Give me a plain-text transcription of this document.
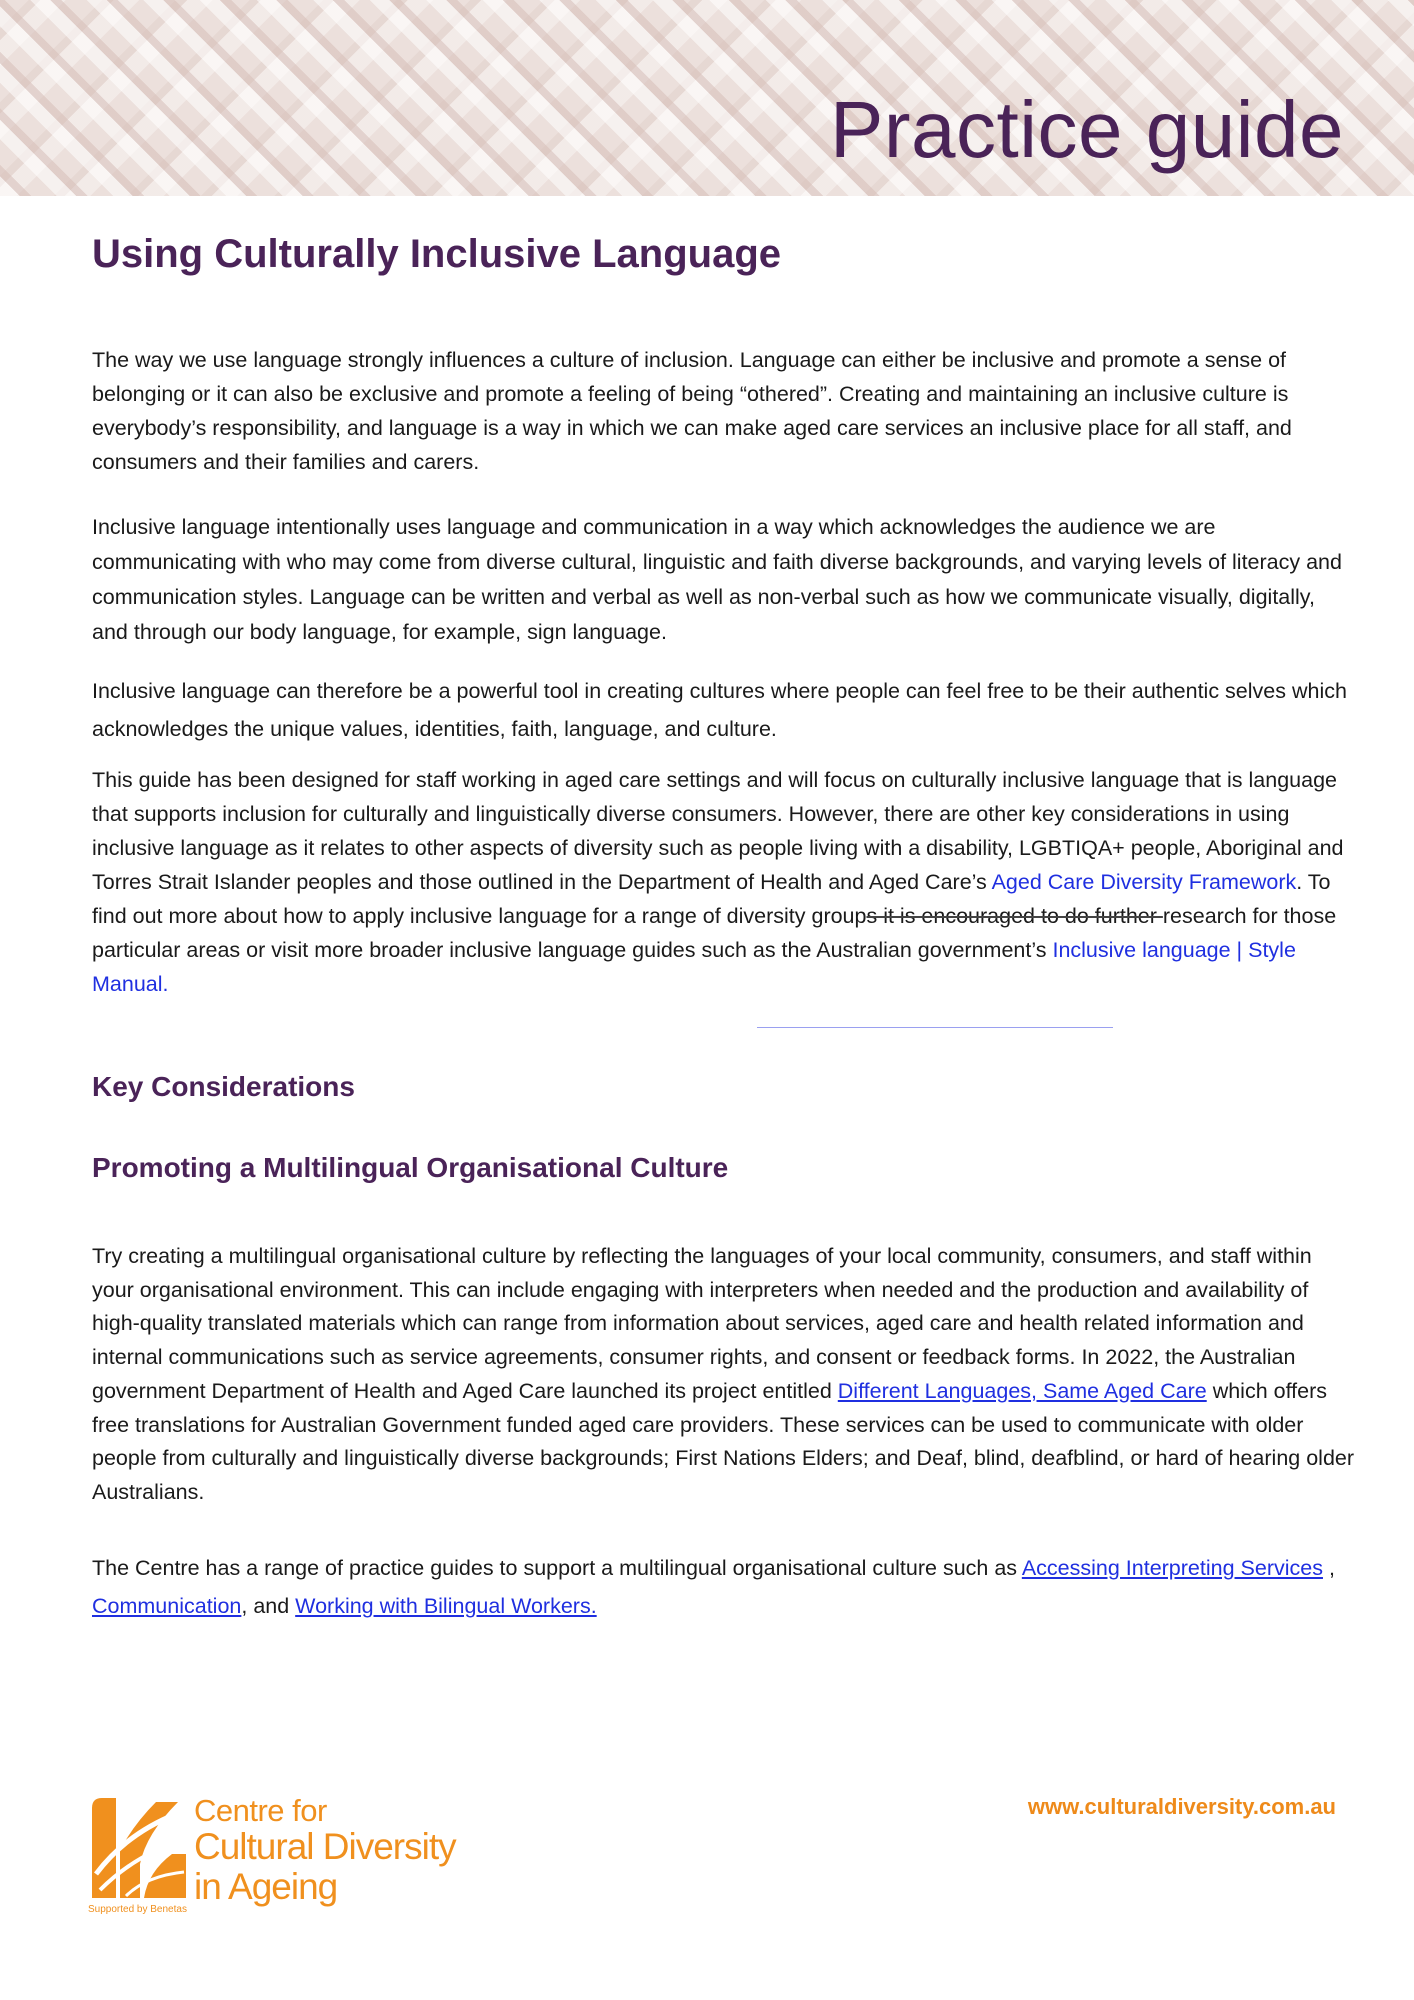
Practice guide
Using Culturally Inclusive Language

The way we use language strongly influences a culture of inclusion. Language can either be inclusive and promote a sense of belonging or it can also be exclusive and promote a feeling of being “othered”. Creating and maintaining an inclusive culture is everybody’s responsibility, and language is a way in which we can make aged care services an inclusive place for all staff, and consumers and their families and carers.

Inclusive language intentionally uses language and communication in a way which acknowledges the audience we are communicating with who may come from diverse cultural, linguistic and faith diverse backgrounds, and varying levels of literacy and communication styles. Language can be written and verbal as well as non-verbal such as how we communicate visually, digitally, and through our body language, for example, sign language.

Inclusive language can therefore be a powerful tool in creating cultures where people can feel free to be their authentic selves which acknowledges the unique values, identities, faith, language, and culture.

This guide has been designed for staff working in aged care settings and will focus on culturally inclusive language that is language that supports inclusion for culturally and linguistically diverse consumers. However, there are other key considerations in using inclusive language as it relates to other aspects of diversity such as people living with a disability, LGBTIQA+ people, Aboriginal and Torres Strait Islander peoples and those outlined in the Department of Health and Aged Care’s Aged Care Diversity Framework. To find out more about how to apply inclusive language for a range of diversity groups it is encouraged to do further research for those particular areas or visit more broader inclusive language guides such as the Australian government’s Inclusive language | Style Manual.

Key Considerations
Promoting a Multilingual Organisational Culture

Try creating a multilingual organisational culture by reflecting the languages of your local community, consumers, and staff within your organisational environment. This can include engaging with interpreters when needed and the production and availability of high-quality translated materials which can range from information about services, aged care and health related information and internal communications such as service agreements, consumer rights, and consent or feedback forms. In 2022, the Australian government Department of Health and Aged Care launched its project entitled Different Languages, Same Aged Care which offers free translations for Australian Government funded aged care providers. These services can be used to communicate with older people from culturally and linguistically diverse backgrounds; First Nations Elders; and Deaf, blind, deafblind, or hard of hearing older Australians.

The Centre has a range of practice guides to support a multilingual organisational culture such as Accessing Interpreting Services , Communication, and Working with Bilingual Workers.

Supported by Benetas
Centre for
Cultural Diversity
in Ageing
www.culturaldiversity.com.au
